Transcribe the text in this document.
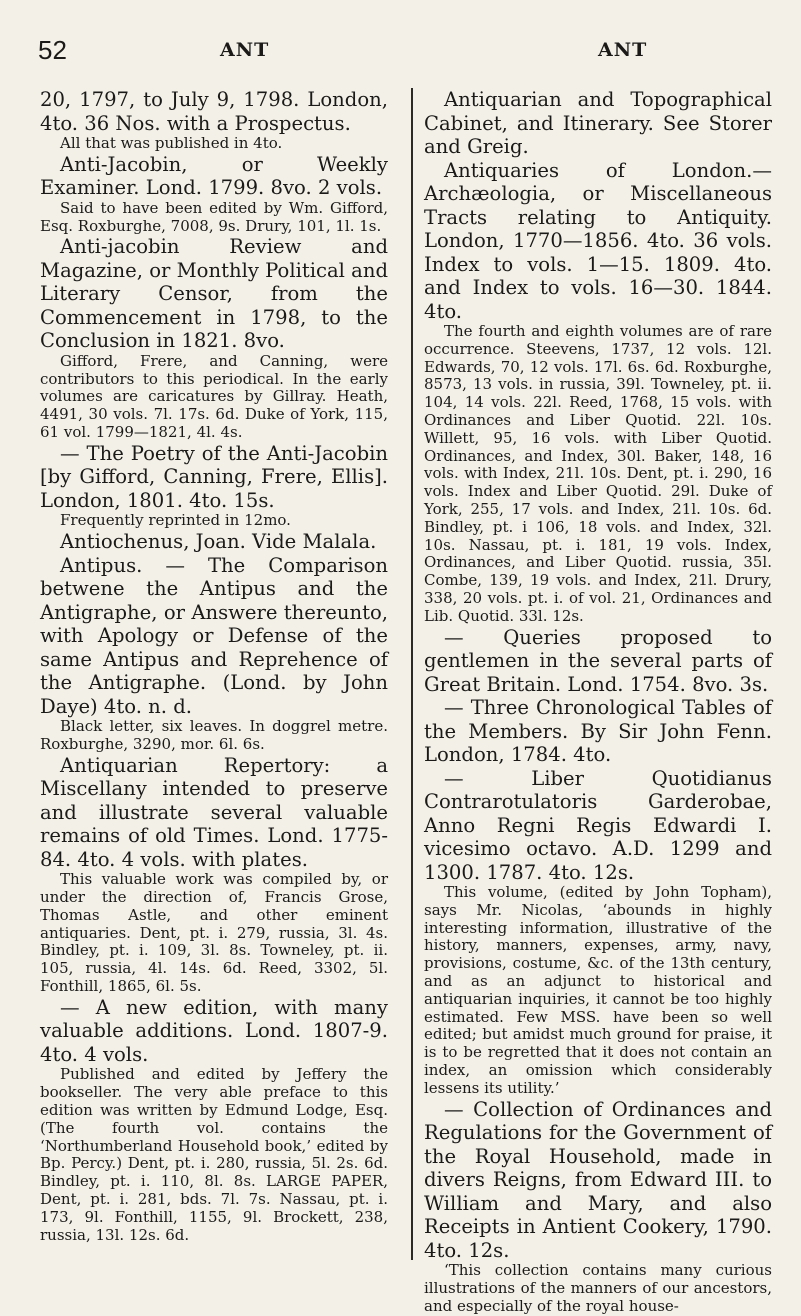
52	ANT	ANT

20, 1797, to July 9, 1798. London, 4to. 36 Nos. with a Prospectus.

All that was published in 4to.

Anti-Jacobin, or Weekly Examiner. Lond. 1799. 8vo. 2 vols.

Said to have been edited by Wm. Gifford, Esq. Roxburghe, 7008, 9s. Drury, 101, 1l. 1s.

Anti-jacobin Review and Magazine, or Monthly Political and Literary Censor, from the Commencement in 1798, to the Conclusion in 1821. 8vo.

Gifford, Frere, and Canning, were contributors to this periodical. In the early volumes are caricatures by Gillray. Heath, 4491, 30 vols. 7l. 17s. 6d. Duke of York, 115, 61 vol. 1799—1821, 4l. 4s.

— The Poetry of the Anti-Jacobin [by Gifford, Canning, Frere, Ellis]. London, 1801. 4to. 15s.

Frequently reprinted in 12mo.

Antiochenus, Joan. Vide Malala.

Antipus. — The Comparison betwene the Antipus and the Antigraphe, or Answere thereunto, with Apology or Defense of the same Antipus and Reprehence of the Antigraphe. (Lond. by John Daye) 4to. n. d.

Black letter, six leaves. In doggrel metre. Roxburghe, 3290, mor. 6l. 6s.

Antiquarian Repertory: a Miscellany intended to preserve and illustrate several valuable remains of old Times. Lond. 1775-84. 4to. 4 vols. with plates.

This valuable work was compiled by, or under the direction of, Francis Grose, Thomas Astle, and other eminent antiquaries. Dent, pt. i. 279, russia, 3l. 4s. Bindley, pt. i. 109, 3l. 8s. Towneley, pt. ii. 105, russia, 4l. 14s. 6d. Reed, 3302, 5l. Fonthill, 1865, 6l. 5s.

— A new edition, with many valuable additions. Lond. 1807-9. 4to. 4 vols.

Published and edited by Jeffery the bookseller. The very able preface to this edition was written by Edmund Lodge, Esq. (The fourth vol. contains the ‘Northumberland Household book,’ edited by Bp. Percy.) Dent, pt. i. 280, russia, 5l. 2s. 6d. Bindley, pt. i. 110, 8l. 8s. LARGE PAPER, Dent, pt. i. 281, bds. 7l. 7s. Nassau, pt. i. 173, 9l. Fonthill, 1155, 9l. Brockett, 238, russia, 13l. 12s. 6d.

Antiquarian and Topographical Cabinet, and Itinerary. See Storer and Greig.

Antiquaries of London.—Archæologia, or Miscellaneous Tracts relating to Antiquity. London, 1770—1856. 4to. 36 vols. Index to vols. 1—15. 1809. 4to. and Index to vols. 16—30. 1844. 4to.

The fourth and eighth volumes are of rare occurrence. Steevens, 1737, 12 vols. 12l. Edwards, 70, 12 vols. 17l. 6s. 6d. Roxburghe, 8573, 13 vols. in russia, 39l. Towneley, pt. ii. 104, 14 vols. 22l. Reed, 1768, 15 vols. with Ordinances and Liber Quotid. 22l. 10s. Willett, 95, 16 vols. with Liber Quotid. Ordinances, and Index, 30l. Baker, 148, 16 vols. with Index, 21l. 10s. Dent, pt. i. 290, 16 vols. Index and Liber Quotid. 29l. Duke of York, 255, 17 vols. and Index, 21l. 10s. 6d. Bindley, pt. i 106, 18 vols. and Index, 32l. 10s. Nassau, pt. i. 181, 19 vols. Index, Ordinances, and Liber Quotid. russia, 35l. Combe, 139, 19 vols. and Index, 21l. Drury, 338, 20 vols. pt. i. of vol. 21, Ordinances and Lib. Quotid. 33l. 12s.

— Queries proposed to gentlemen in the several parts of Great Britain. Lond. 1754. 8vo. 3s.

— Three Chronological Tables of the Members. By Sir John Fenn. London, 1784. 4to.

— Liber Quotidianus Contrarotulatoris Garderobae, Anno Regni Regis Edwardi I. vicesimo octavo. A.D. 1299 and 1300. 1787. 4to. 12s.

This volume, (edited by John Topham), says Mr. Nicolas, ‘abounds in highly interesting information, illustrative of the history, manners, expenses, army, navy, provisions, costume, &c. of the 13th century, and as an adjunct to historical and antiquarian inquiries, it cannot be too highly estimated. Few MSS. have been so well edited; but amidst much ground for praise, it is to be regretted that it does not contain an index, an omission which considerably lessens its utility.’

— Collection of Ordinances and Regulations for the Government of the Royal Household, made in divers Reigns, from Edward III. to William and Mary, and also Receipts in Antient Cookery, 1790. 4to. 12s.

‘This collection contains many curious illustrations of the manners of our ancestors, and especially of the royal house-
